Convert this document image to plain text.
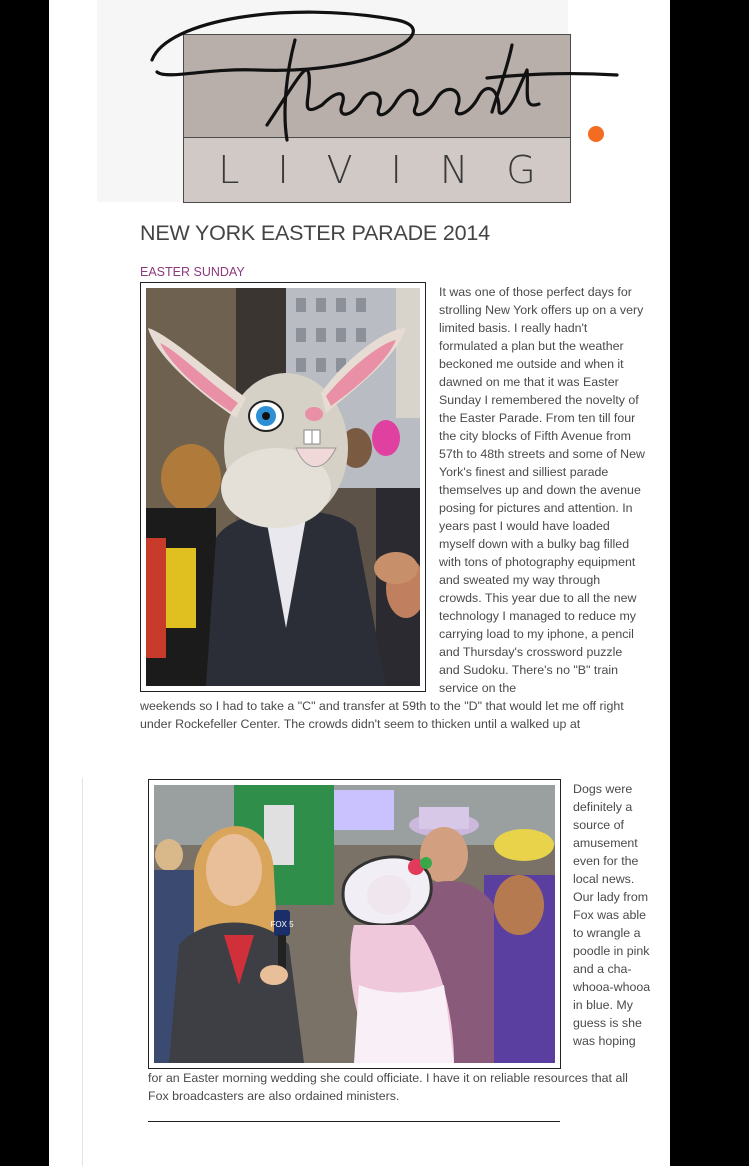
LIVING
NEW YORK EASTER PARADE 2014
EASTER SUNDAY
It was one of those perfect days for strolling New York offers up on a very limited basis. I really hadn't formulated a plan but the weather beckoned me outside and when it dawned on me that it was Easter Sunday I remembered the novelty of the Easter Parade. From ten till four the city blocks of Fifth Avenue from 57th to 48th streets and some of New York's finest and silliest parade themselves up and down the avenue posing for pictures and attention. In years past I would have loaded myself down with a bulky bag filled with tons of photography equipment and sweated my way through crowds. This year due to all the new technology I managed to reduce my carrying load to my iphone, a pencil and Thursday's crossword puzzle and Sudoku. There's no "B" train service on the
weekends so I had to take a "C" and transfer at 59th to the "D" that would let me off right under Rockefeller Center. The crowds didn't seem to thicken until a walked up at
FOX 5
Dogs were definitely a source of amusement even for the local news. Our lady from Fox was able to wrangle a poodle in pink and a cha-whooa-whooa in blue. My guess is she was hoping
for an Easter morning wedding she could officiate. I have it on reliable resources that all Fox broadcasters are also ordained ministers.
